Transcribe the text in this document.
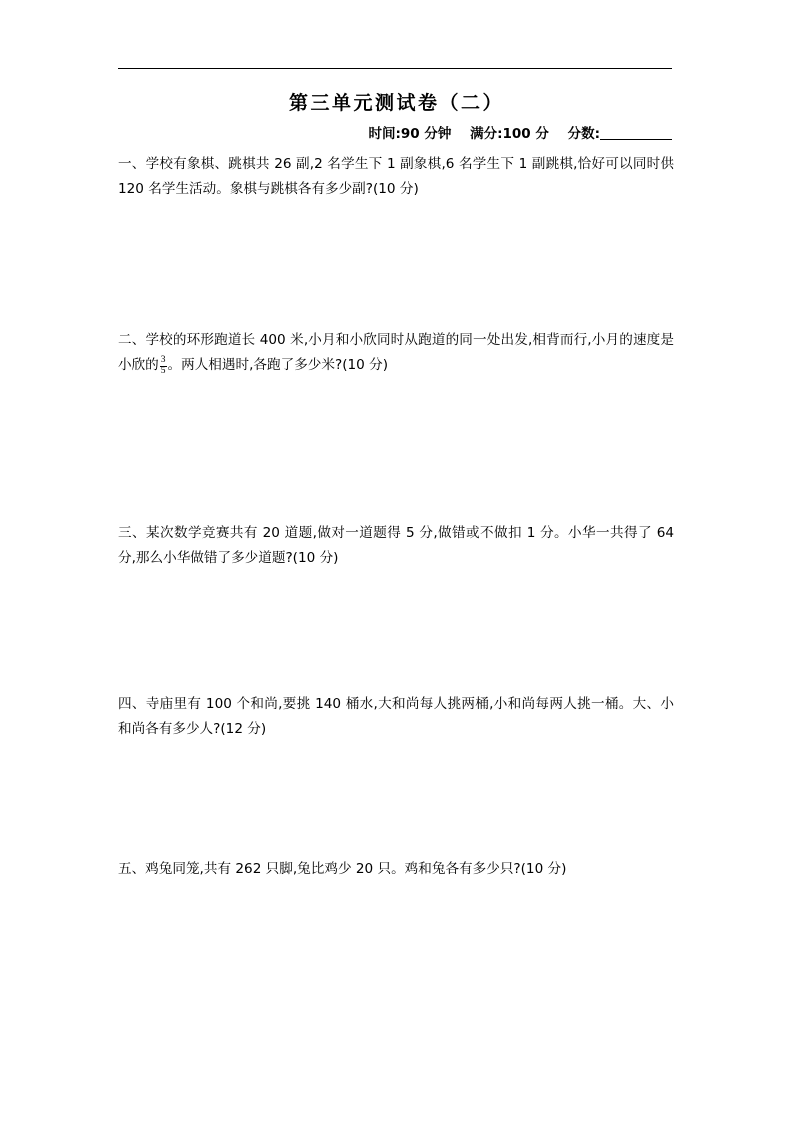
第三单元测试卷（二）
时间:90 分钟 满分:100 分 分数:
一、学校有象棋、跳棋共 26 副,2 名学生下 1 副象棋,6 名学生下 1 副跳棋,恰好可以同时供 120 名学生活动。象棋与跳棋各有多少副?(10 分)
二、学校的环形跑道长 400 米,小月和小欣同时从跑道的同一处出发,相背而行,小月的速度是小欣的 $\frac{3}{5}$ 。两人相遇时,各跑了多少米?(10 分)
三、某次数学竞赛共有 20 道题,做对一道题得 5 分,做错或不做扣 1 分。小华一共得了 64 分,那么小华做错了多少道题?(10 分)
四、寺庙里有 100 个和尚,要挑 140 桶水,大和尚每人挑两桶,小和尚每两人挑一桶。大、小和尚各有多少人?(12 分)
五、鸡兔同笼,共有 262 只脚,兔比鸡少 20 只。鸡和兔各有多少只?(10 分)
